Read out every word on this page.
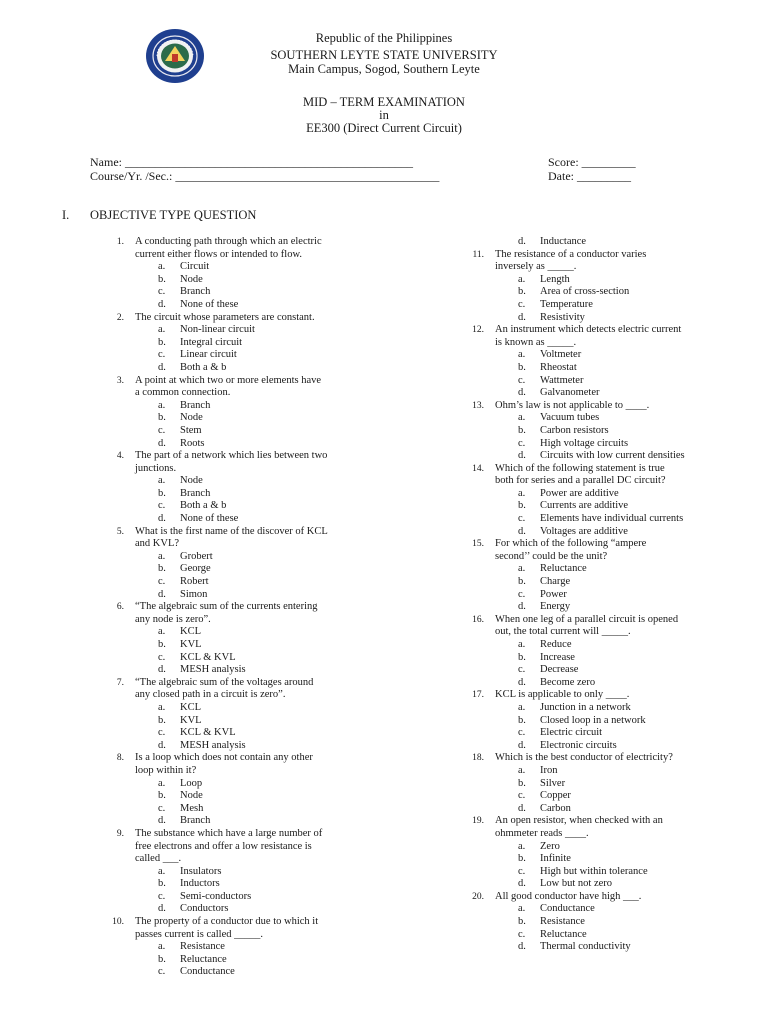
Republic of the Philippines
SOUTHERN LEYTE STATE UNIVERSITY
Main Campus, Sogod, Southern Leyte
MID – TERM EXAMINATION
in
EE300 (Direct Current Circuit)
Name: ________________________________________________
Course/Yr. /Sec.: ____________________________________________
Score: _________
Date: _________
I. OBJECTIVE TYPE QUESTION
1. A conducting path through which an electric
current either flows or intended to flow.
a. Circuit
b. Node
c. Branch
d. None of these
2. The circuit whose parameters are constant.
a. Non-linear circuit
b. Integral circuit
c. Linear circuit
d. Both a & b
3. A point at which two or more elements have
a common connection.
a. Branch
b. Node
c. Stem
d. Roots
4. The part of a network which lies between two
junctions.
a. Node
b. Branch
c. Both a & b
d. None of these
5. What is the first name of the discover of KCL
and KVL?
a. Grobert
b. George
c. Robert
d. Simon
6. “The algebraic sum of the currents entering
any node is zero”.
a. KCL
b. KVL
c. KCL & KVL
d. MESH analysis
7. “The algebraic sum of the voltages around
any closed path in a circuit is zero”.
a. KCL
b. KVL
c. KCL & KVL
d. MESH analysis
8. Is a loop which does not contain any other
loop within it?
a. Loop
b. Node
c. Mesh
d. Branch
9. The substance which have a large number of
free electrons and offer a low resistance is
called ___.
a. Insulators
b. Inductors
c. Semi-conductors
d. Conductors
10. The property of a conductor due to which it
passes current is called _____.
a. Resistance
b. Reluctance
c. Conductance
d. Inductance
11. The resistance of a conductor varies
inversely as _____.
a. Length
b. Area of cross-section
c. Temperature
d. Resistivity
12. An instrument which detects electric current
is known as _____.
a. Voltmeter
b. Rheostat
c. Wattmeter
d. Galvanometer
13. Ohm’s law is not applicable to ____.
a. Vacuum tubes
b. Carbon resistors
c. High voltage circuits
d. Circuits with low current densities
14. Which of the following statement is true
both for series and a parallel DC circuit?
a. Power are additive
b. Currents are additive
c. Elements have individual currents
d. Voltages are additive
15. For which of the following “ampere
second’’ could be the unit?
a. Reluctance
b. Charge
c. Power
d. Energy
16. When one leg of a parallel circuit is opened
out, the total current will _____.
a. Reduce
b. Increase
c. Decrease
d. Become zero
17. KCL is applicable to only ____.
a. Junction in a network
b. Closed loop in a network
c. Electric circuit
d. Electronic circuits
18. Which is the best conductor of electricity?
a. Iron
b. Silver
c. Copper
d. Carbon
19. An open resistor, when checked with an
ohmmeter reads ____.
a. Zero
b. Infinite
c. High but within tolerance
d. Low but not zero
20. All good conductor have high ___.
a. Conductance
b. Resistance
c. Reluctance
d. Thermal conductivity
